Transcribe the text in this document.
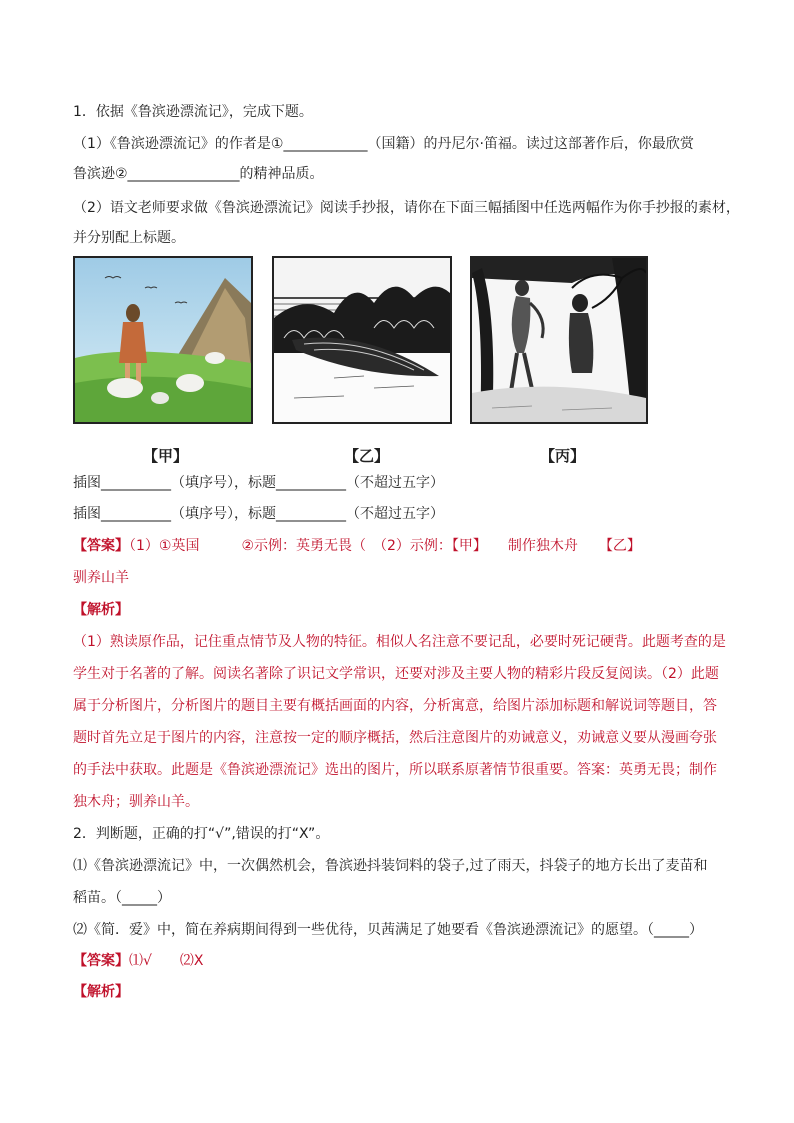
1．依据《鲁滨逊漂流记》，完成下题。
（1）《鲁滨逊漂流记》的作者是①____________（国籍）的丹尼尔·笛福。读过这部著作后，你最欣赏
鲁滨逊②________________的精神品质。
（2）语文老师要求做《鲁滨逊漂流记》阅读手抄报，请你在下面三幅插图中任选两幅作为你手抄报的素材，
并分别配上标题。
【甲】	【乙】	【丙】
插图__________（填序号），标题__________（不超过五字）
插图__________（填序号），标题__________（不超过五字）
【答案】（1）①英国　　　②示例：英勇无畏（　（2）示例：【甲】　　制作独木舟　　【乙】
驯养山羊
【解析】
（1）熟读原作品，记住重点情节及人物的特征。相似人名注意不要记乱，必要时死记硬背。此题考查的是
学生对于名著的了解。阅读名著除了识记文学常识，还要对涉及主要人物的精彩片段反复阅读。（2）此题
属于分析图片，分析图片的题目主要有概括画面的内容，分析寓意，给图片添加标题和解说词等题目，答
题时首先立足于图片的内容，注意按一定的顺序概括，然后注意图片的劝诫意义，劝诫意义要从漫画夸张
的手法中获取。此题是《鲁滨逊漂流记》选出的图片，所以联系原著情节很重要。答案：英勇无畏；制作
独木舟；驯养山羊。
2．判断题，正确的打“√”,错误的打“X”。
⑴《鲁滨逊漂流记》中，一次偶然机会，鲁滨逊抖装饲料的袋子,过了雨天，抖袋子的地方长出了麦苗和
稻苗。（_____）
⑵《简．爱》中，简在养病期间得到一些优待，贝茜满足了她要看《鲁滨逊漂流记》的愿望。（_____）
【答案】⑴√　　⑵X
【解析】
